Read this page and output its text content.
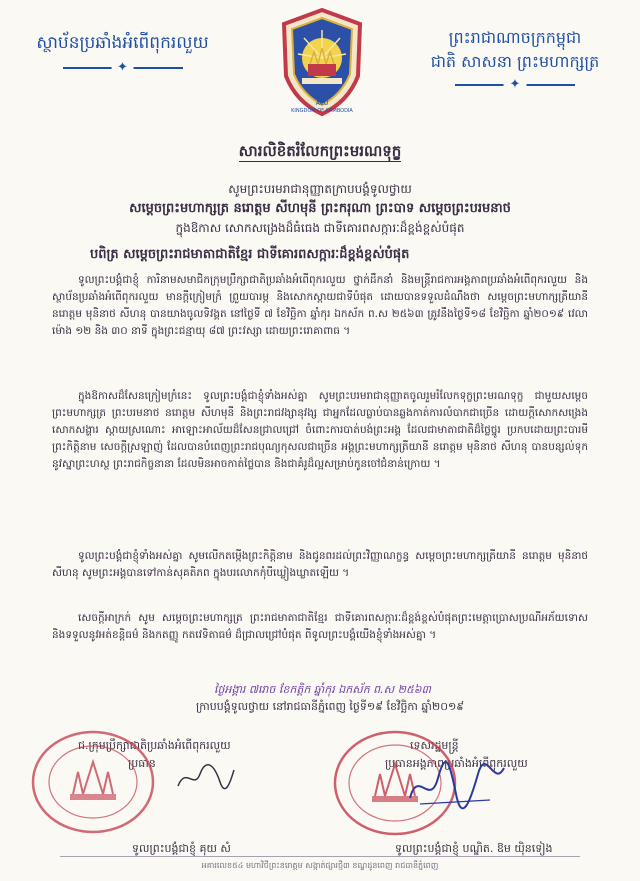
ស្ថាប័នប្រឆាំងអំពើពុករលួយ
✦
ACU
KINGDOM OF CAMBODIA
ព្រះរាជាណាចក្រកម្ពុជា
ជាតិ សាសនា ព្រះមហាក្សត្រ
✦
សារលិខិតរំលែកព្រះមរណទុក្ខ
សូមព្រះបរមរាជានុញ្ញាតក្រាបបង្គំទូលថ្វាយ
សម្តេចព្រះមហាក្សត្រ នរោត្តម សីហមុនី ព្រះករុណា ព្រះបាទ សម្តេចព្រះបរមនាថ
ក្នុងឱកាស សោកសង្រេងដ៏ធំធេង ជាទីគោរពសក្ការៈដ៏ខ្ពង់ខ្ពស់បំផុត
បពិត្រ សម្តេចព្រះរាជមាតាជាតិខ្មែរ ជាទីគោរពសក្ការៈដ៏ខ្ពង់ខ្ពស់បំផុត
ទូលព្រះបង្គំជាខ្ញុំ ការិនាមសមាជិកក្រុមប្រឹក្សាជាតិប្រឆាំងអំពើពុករលួយ ថ្នាក់ដឹកនាំ និងមន្ត្រីរាជការអង្គភាពប្រឆាំងអំពើពុករលួយ និងស្ថាប័នប្រឆាំងអំពើពុករលួយ មានក្តីក្រៀមក្រំ ព្រួយបារម្ភ និងសោកស្តាយជាទីបំផុត ដោយបានទទួលដំណឹងថា សម្តេចព្រះមហាក្សត្រីយានី នរោត្តម មុនិនាថ សីហនុ បានយាងចូលទិវង្គត នៅថ្ងៃទី ៧ ខែវិច្ឆិកា ឆ្នាំកុរ ឯកស័ក ព.ស ២៥៦៣ ត្រូវនឹងថ្ងៃទី១៨ ខែវិច្ឆិកា ឆ្នាំ២០១៩ វេលាម៉ោង ១២ និង ៣០ នាទី ក្នុងព្រះជន្មាយុ ៨៧ ព្រះវស្សា ដោយព្រះរោគាពាធ ។
ក្នុងឱកាសដ៏សែនក្រៀមក្រំនេះ ទូលព្រះបង្គំជាខ្ញុំទាំងអស់គ្នា សូមព្រះបរមរាជានុញ្ញាតចូលរួមរំលែកទុក្ខព្រះមរណទុក្ខ ជាមួយសម្តេចព្រះមហាក្សត្រ ព្រះបរមនាថ នរោត្តម សីហមុនី និងព្រះរាជវង្សានុវង្ស ជាអ្នកដែលធ្លាប់បានឆ្លងកាត់ការលំបាកជាច្រើន ដោយក្តីសោកសង្រេង សោកសង្ហារ ស្តាយស្រណោះ អាឡោះអាល័យដ៏សែនជ្រាលជ្រៅ ចំពោះការបាត់បង់ព្រះអង្គ ដែលជាមាតាជាតិដ៏ថ្លៃថ្នូរ ប្រកបដោយព្រះបារមី ព្រះកិត្តិនាម សេចក្តីស្រឡាញ់ ដែលបានបំពេញព្រះរាជបុណ្យកុសលជាច្រើន អង្គព្រះមហាក្សត្រីយានី នរោត្តម មុនិនាថ សីហនុ បានបន្សល់ទុកនូវស្នាព្រះហស្ថ ព្រះរាជកិច្ចនានា ដែលមិនអាចកាត់ថ្លៃបាន និងជាគំរូដ៏ល្អសម្រាប់កូនចៅជំនាន់ក្រោយ ។
ទូលព្រះបង្គំជាខ្ញុំទាំងអស់គ្នា សូមលើកតម្កើងព្រះកិត្តិនាម និងជូនពរដល់ព្រះវិញ្ញាណក្ខន្ធ សម្តេចព្រះមហាក្សត្រីយានី នរោត្តម មុនិនាថ សីហនុ សូមព្រះអង្គបានទៅកាន់សុគតិភព ក្នុងបរលោកកុំបីឃ្លៀងឃ្លាតឡើយ ។
សេចក្តីអាក្រក់ សូម សម្តេចព្រះមហាក្សត្រ ព្រះរាជមាតាជាតិខ្មែរ ជាទីគោរពសក្ការៈដ៏ខ្ពង់ខ្ពស់បំផុតព្រះមេត្តាប្រោសប្រណីអភ័យទោស និងទទួលនូវអត់ខន្តិធម៌ និងកតញ្ញូ កតវេទិតាធម៌ ដ៏ជ្រាលជ្រៅបំផុត ពីទូលព្រះបង្គំយើងខ្ញុំទាំងអស់គ្នា ។
ថ្ងៃអង្គារ ៧រោច ខែកត្តិក ឆ្នាំកុរ ឯកស័ក ព.ស ២៥៦៣
ក្រាបបង្គំទូលថ្វាយ នៅរាជធានីភ្នំពេញ ថ្ងៃទី១៩ ខែវិច្ឆិកា ឆ្នាំ២០១៩
ជ.ក្រុមប្រឹក្សាជាតិប្រឆាំងអំពើពុករលួយ
ប្រធាន
ទូលព្រះបង្គំជាខ្ញុំ គុយ សំ
ទេសរដ្ឋមន្ត្រី
ប្រធានអង្គភាពប្រឆាំងអំពើពុករលួយ
ទូលព្រះបង្គំជាខ្ញុំ បណ្ឌិត. ឱម យ៉ិនទៀង
អគារលេខ៥៤ មហាវិថីព្រះនរោត្តម សង្កាត់ផ្សារថ្មី៣ ខណ្ឌដូនពេញ រាជធានីភ្នំពេញ
